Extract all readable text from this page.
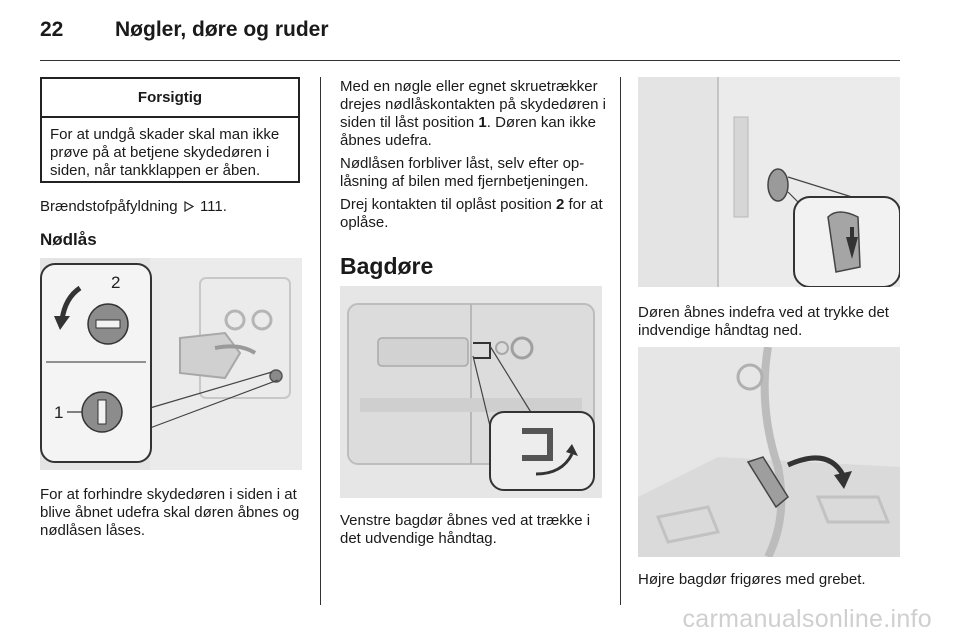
22 Nøgler, døre og ruder
Forsigtig
For at undgå skader skal man ikke prøve på at betjene skydedøren i siden, når tankklappen er åben.
Brændstofpåfyldning 111.
Nødlås
2
1
For at forhindre skydedøren i siden i at blive åbnet udefra skal døren åbnes og nødlåsen låses.
Med en nøgle eller egnet skruetrækker drejes nødlåskontakten på skydedøren i siden til låst position 1. Døren kan ikke åbnes udefra.
Nødlåsen forbliver låst, selv efter oplåsning af bilen med fjernbetjeningen.
Drej kontakten til oplåst position 2 for at oplåse.
Bagdøre
Venstre bagdør åbnes ved at trække i det udvendige håndtag.
Døren åbnes indefra ved at trykke det indvendige håndtag ned.
Højre bagdør frigøres med grebet.
carmanualsonline.info
